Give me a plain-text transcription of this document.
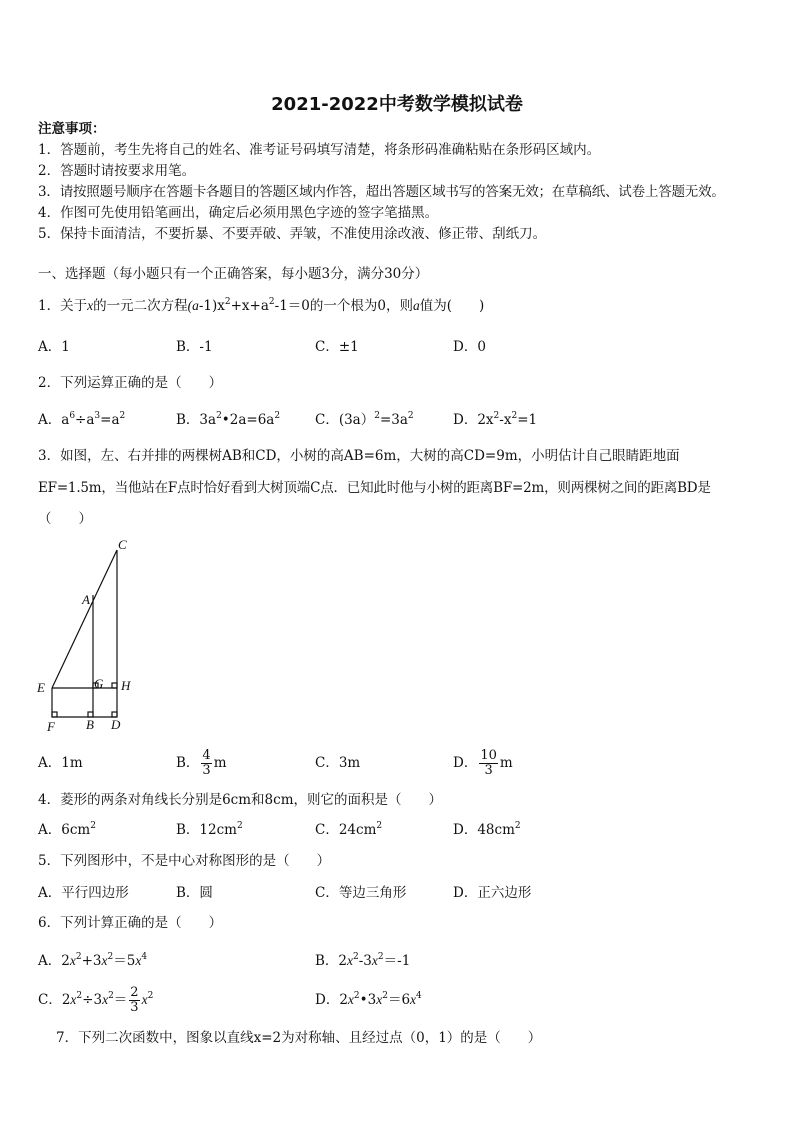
2021-2022中考数学模拟试卷
注意事项：
1．答题前，考生先将自己的姓名、准考证号码填写清楚，将条形码准确粘贴在条形码区域内。
2．答题时请按要求用笔。
3．请按照题号顺序在答题卡各题目的答题区域内作答，超出答题区域书写的答案无效；在草稿纸、试卷上答题无效。
4．作图可先使用铅笔画出，确定后必须用黑色字迹的签字笔描黑。
5．保持卡面清洁，不要折暴、不要弄破、弄皱，不准使用涂改液、修正带、刮纸刀。
一、选择题（每小题只有一个正确答案，每小题3分，满分30分）
1．关于x的一元二次方程$(a-1)x^2+x+a^2-1=0$的一个根为0，则a值为(　　)
A．1	B．-1	C．±1	D．0
2．下列运算正确的是（　　）
A．$a^6\div a^3=a^2$	B．$3a^2•2a=6a^2$	C．$(3a)^2=3a^2$	D．$2x^2-x^2=1$
3．如图，左、右并排的两棵树AB和CD，小树的高AB=6m，大树的高CD=9m，小明估计自己眼睛距地面
EF=1.5m，当他站在F点时恰好看到大树顶端C点．已知此时他与小树的距离BF=2m，则两棵树之间的距离BD是
（　　）
C
A
E	G H
F B D
A．1m	B． $\frac{4}{3}$ m	C．3m	D． $\frac{10}{3}$ m
4．菱形的两条对角线长分别是6cm和8cm，则它的面积是（　　）
A．$6cm^2$	B．$12cm^2$	C．$24cm^2$	D．$48cm^2$
5．下列图形中，不是中心对称图形的是（　　）
A．平行四边形	B．圆	C．等边三角形	D．正六边形
6．下列计算正确的是（　　）
A．$2x^2+3x^2=5x^4$	B．$2x^2-3x^2=-1$
C．$2x^2\div 3x^2= \frac{2}{3} x^2$	D．$2x^2•3x^2=6x^4$
7．下列二次函数中，图象以直线x=2为对称轴、且经过点（0，1）的是（　　）
